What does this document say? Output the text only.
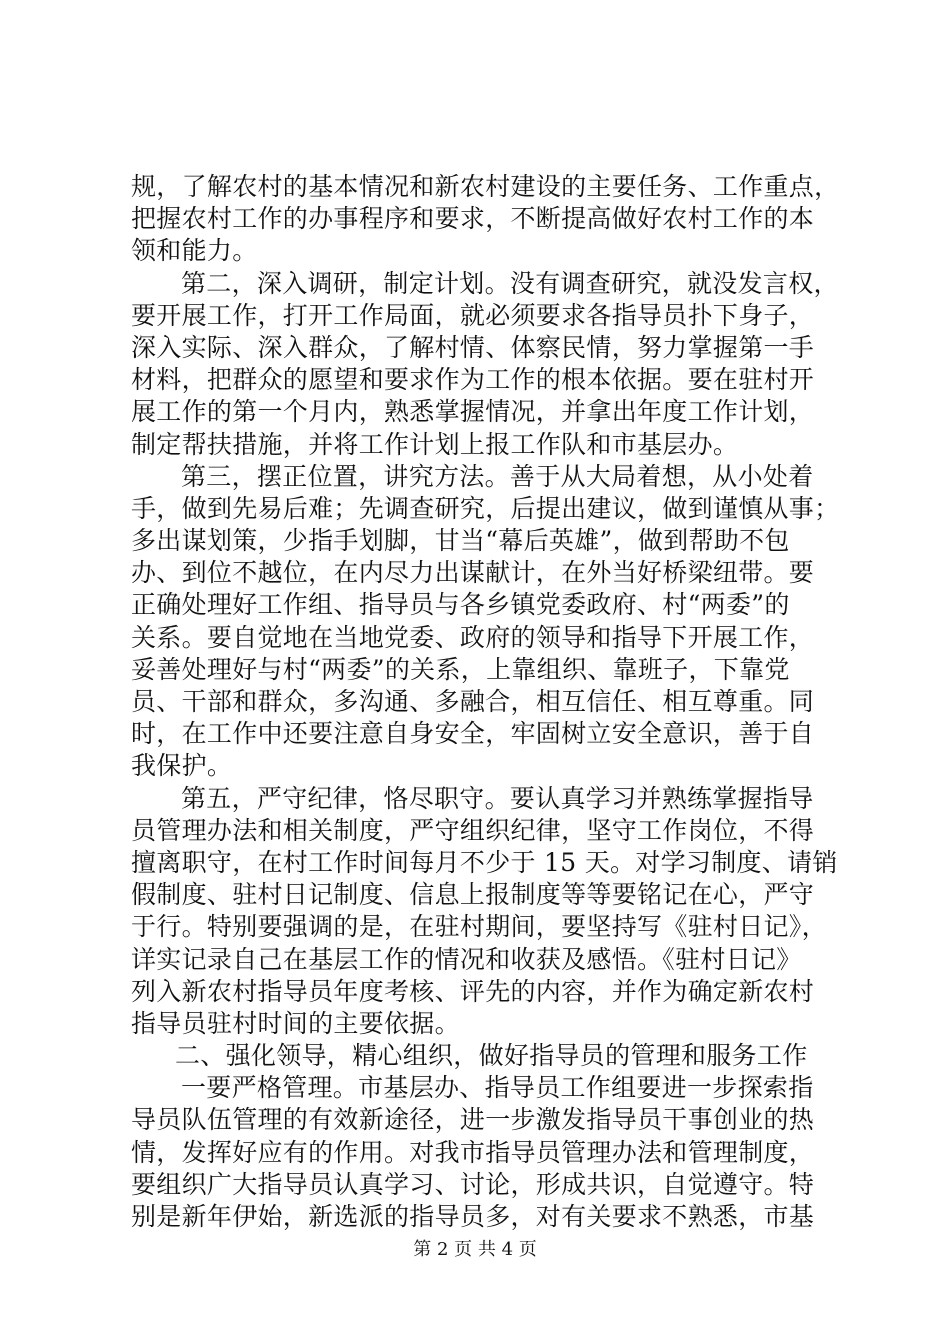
规，了解农村的基本情况和新农村建设的主要任务、工作重点，
把握农村工作的办事程序和要求，不断提高做好农村工作的本
领和能力。
第二，深入调研，制定计划。没有调查研究，就没发言权，
要开展工作，打开工作局面，就必须要求各指导员扑下身子，
深入实际、深入群众，了解村情、体察民情，努力掌握第一手
材料，把群众的愿望和要求作为工作的根本依据。要在驻村开
展工作的第一个月内，熟悉掌握情况，并拿出年度工作计划，
制定帮扶措施，并将工作计划上报工作队和市基层办。
第三，摆正位置，讲究方法。善于从大局着想，从小处着
手，做到先易后难；先调查研究，后提出建议，做到谨慎从事；
多出谋划策，少指手划脚，甘当“幕后英雄”，做到帮助不包
办、到位不越位，在内尽力出谋献计，在外当好桥梁纽带。要
正确处理好工作组、指导员与各乡镇党委政府、村“两委”的
关系。要自觉地在当地党委、政府的领导和指导下开展工作，
妥善处理好与村“两委”的关系，上靠组织、靠班子，下靠党
员、干部和群众，多沟通、多融合，相互信任、相互尊重。同
时，在工作中还要注意自身安全，牢固树立安全意识，善于自
我保护。
第五，严守纪律，恪尽职守。要认真学习并熟练掌握指导
员管理办法和相关制度，严守组织纪律，坚守工作岗位，不得
擅离职守，在村工作时间每月不少于 15 天。对学习制度、请销
假制度、驻村日记制度、信息上报制度等等要铭记在心，严守
于行。特别要强调的是，在驻村期间，要坚持写《驻村日记》，
详实记录自己在基层工作的情况和收获及感悟。《驻村日记》
列入新农村指导员年度考核、评先的内容，并作为确定新农村
指导员驻村时间的主要依据。
二、强化领导，精心组织，做好指导员的管理和服务工作
一要严格管理。市基层办、指导员工作组要进一步探索指
导员队伍管理的有效新途径，进一步激发指导员干事创业的热
情，发挥好应有的作用。对我市指导员管理办法和管理制度，
要组织广大指导员认真学习、讨论，形成共识，自觉遵守。特
别是新年伊始，新选派的指导员多，对有关要求不熟悉，市基
第 2 页 共 4 页
